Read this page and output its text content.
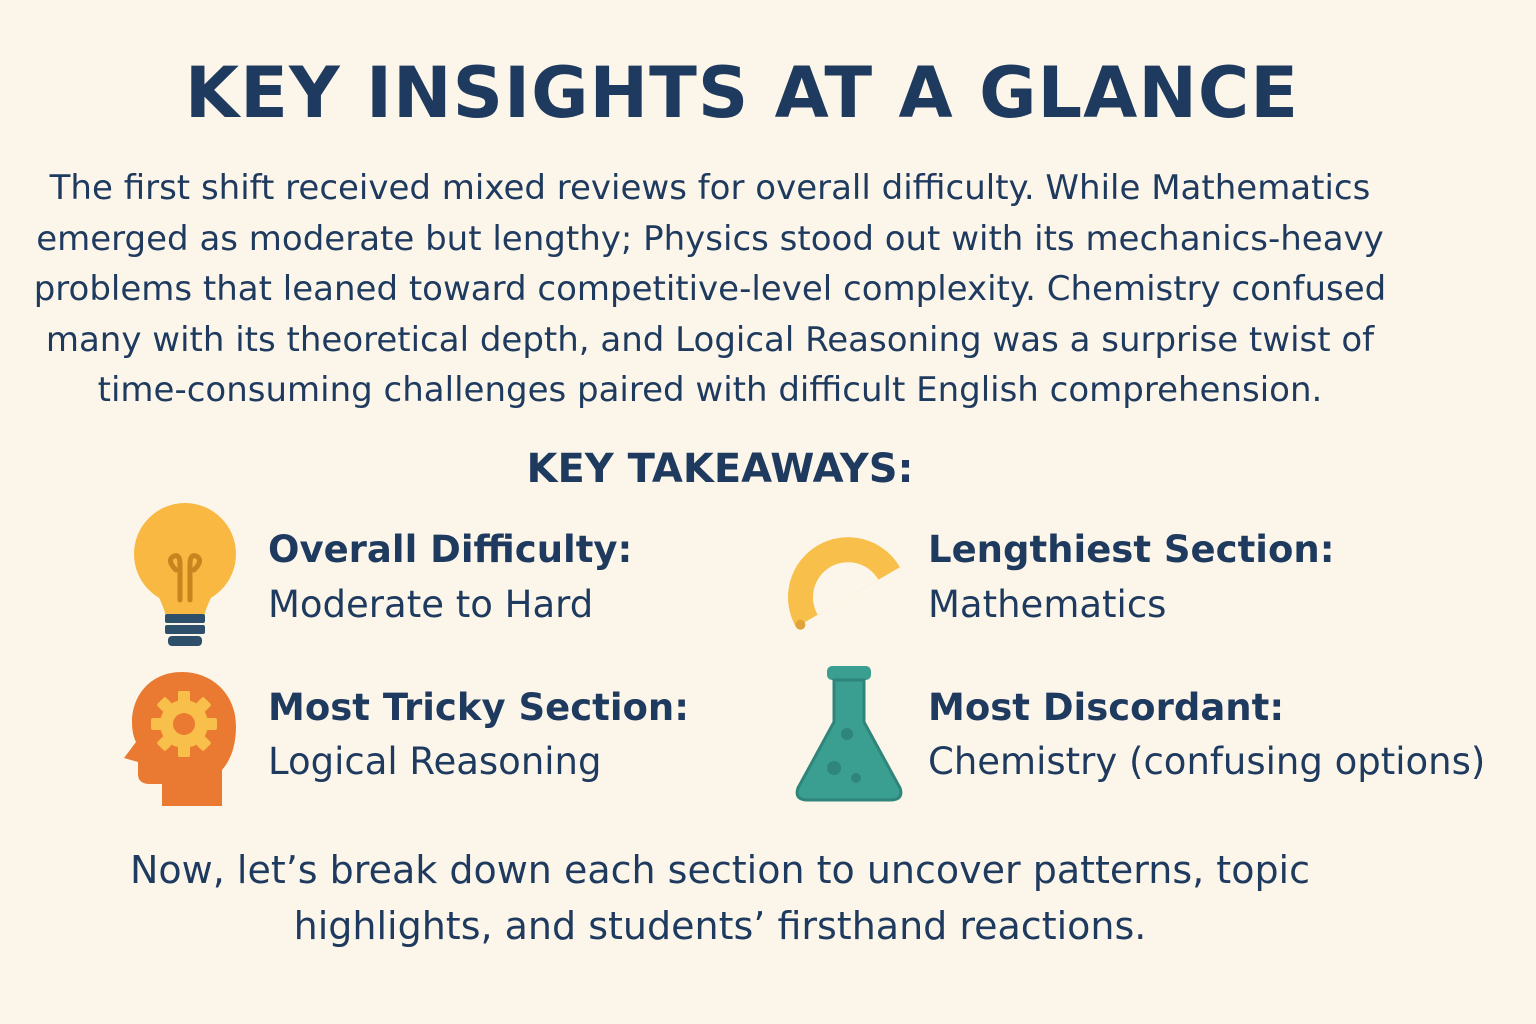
KEY INSIGHTS AT A GLANCE

The first shift received mixed reviews for overall difficulty. While Mathematics
emerged as moderate but lengthy; Physics stood out with its mechanics-heavy
problems that leaned toward competitive-level complexity. Chemistry confused
many with its theoretical depth, and Logical Reasoning was a surprise twist of
time-consuming challenges paired with difficult English comprehension.

KEY TAKEAWAYS:
Overall Difficulty:
Moderate to Hard
Lengthiest Section:
Mathematics
Most Tricky Section:
Logical Reasoning
Most Discordant:
Chemistry (confusing options)

Now, let’s break down each section to uncover patterns, topic
highlights, and students’ firsthand reactions.
